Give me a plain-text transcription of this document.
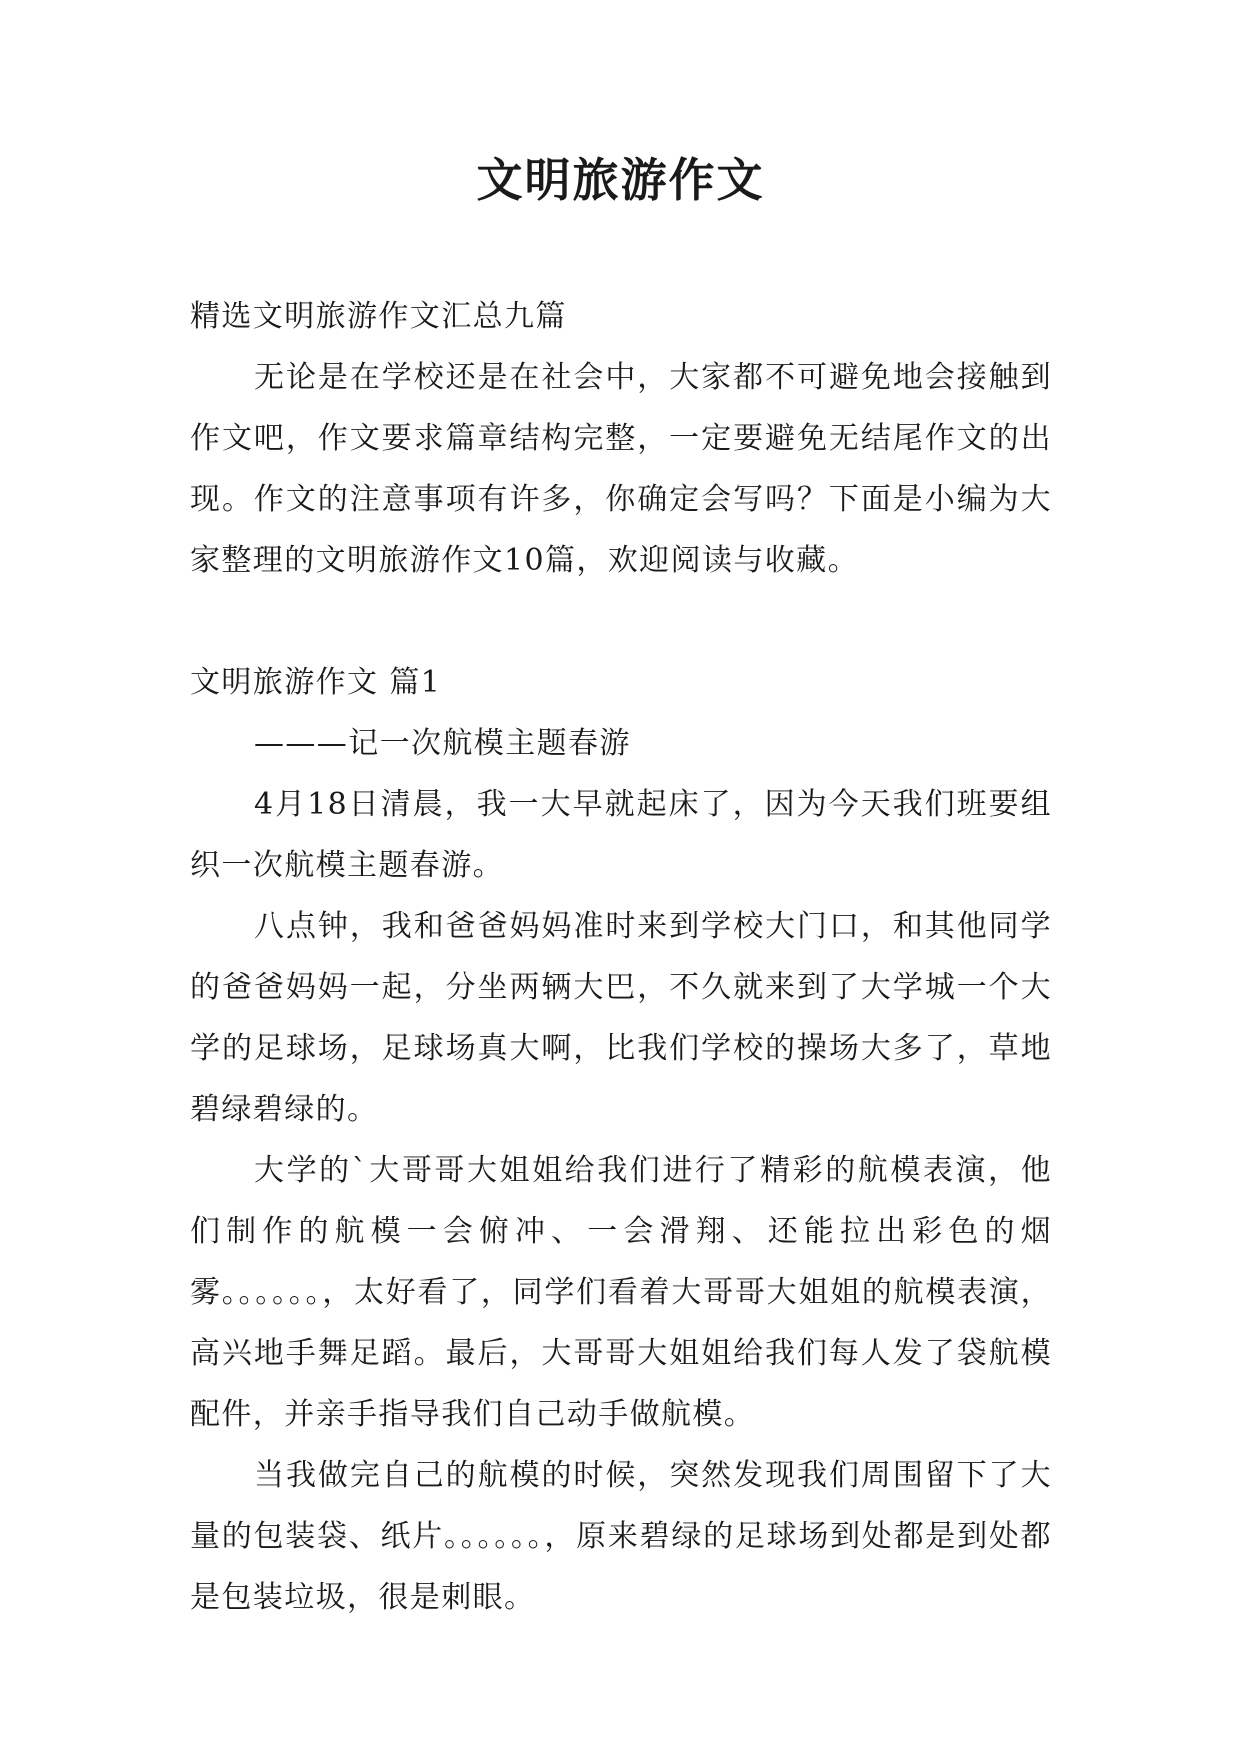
文明旅游作文

精选文明旅游作文汇总九篇

无论是在学校还是在社会中，大家都不可避免地会接触到作文吧，作文要求篇章结构完整，一定要避免无结尾作文的出现。作文的注意事项有许多，你确定会写吗？下面是小编为大家整理的文明旅游作文10篇，欢迎阅读与收藏。

文明旅游作文 篇1

———记一次航模主题春游

4月18日清晨，我一大早就起床了，因为今天我们班要组织一次航模主题春游。

八点钟，我和爸爸妈妈准时来到学校大门口，和其他同学的爸爸妈妈一起，分坐两辆大巴，不久就来到了大学城一个大学的足球场，足球场真大啊，比我们学校的操场大多了，草地碧绿碧绿的。

大学的`大哥哥大姐姐给我们进行了精彩的航模表演，他们制作的航模一会俯冲、一会滑翔、还能拉出彩色的烟雾。。。。。。，太好看了，同学们看着大哥哥大姐姐的航模表演，高兴地手舞足蹈。最后，大哥哥大姐姐给我们每人发了袋航模配件，并亲手指导我们自己动手做航模。

当我做完自己的航模的时候，突然发现我们周围留下了大量的包装袋、纸片。。。。。。，原来碧绿的足球场到处都是到处都是包装垃圾，很是刺眼。
